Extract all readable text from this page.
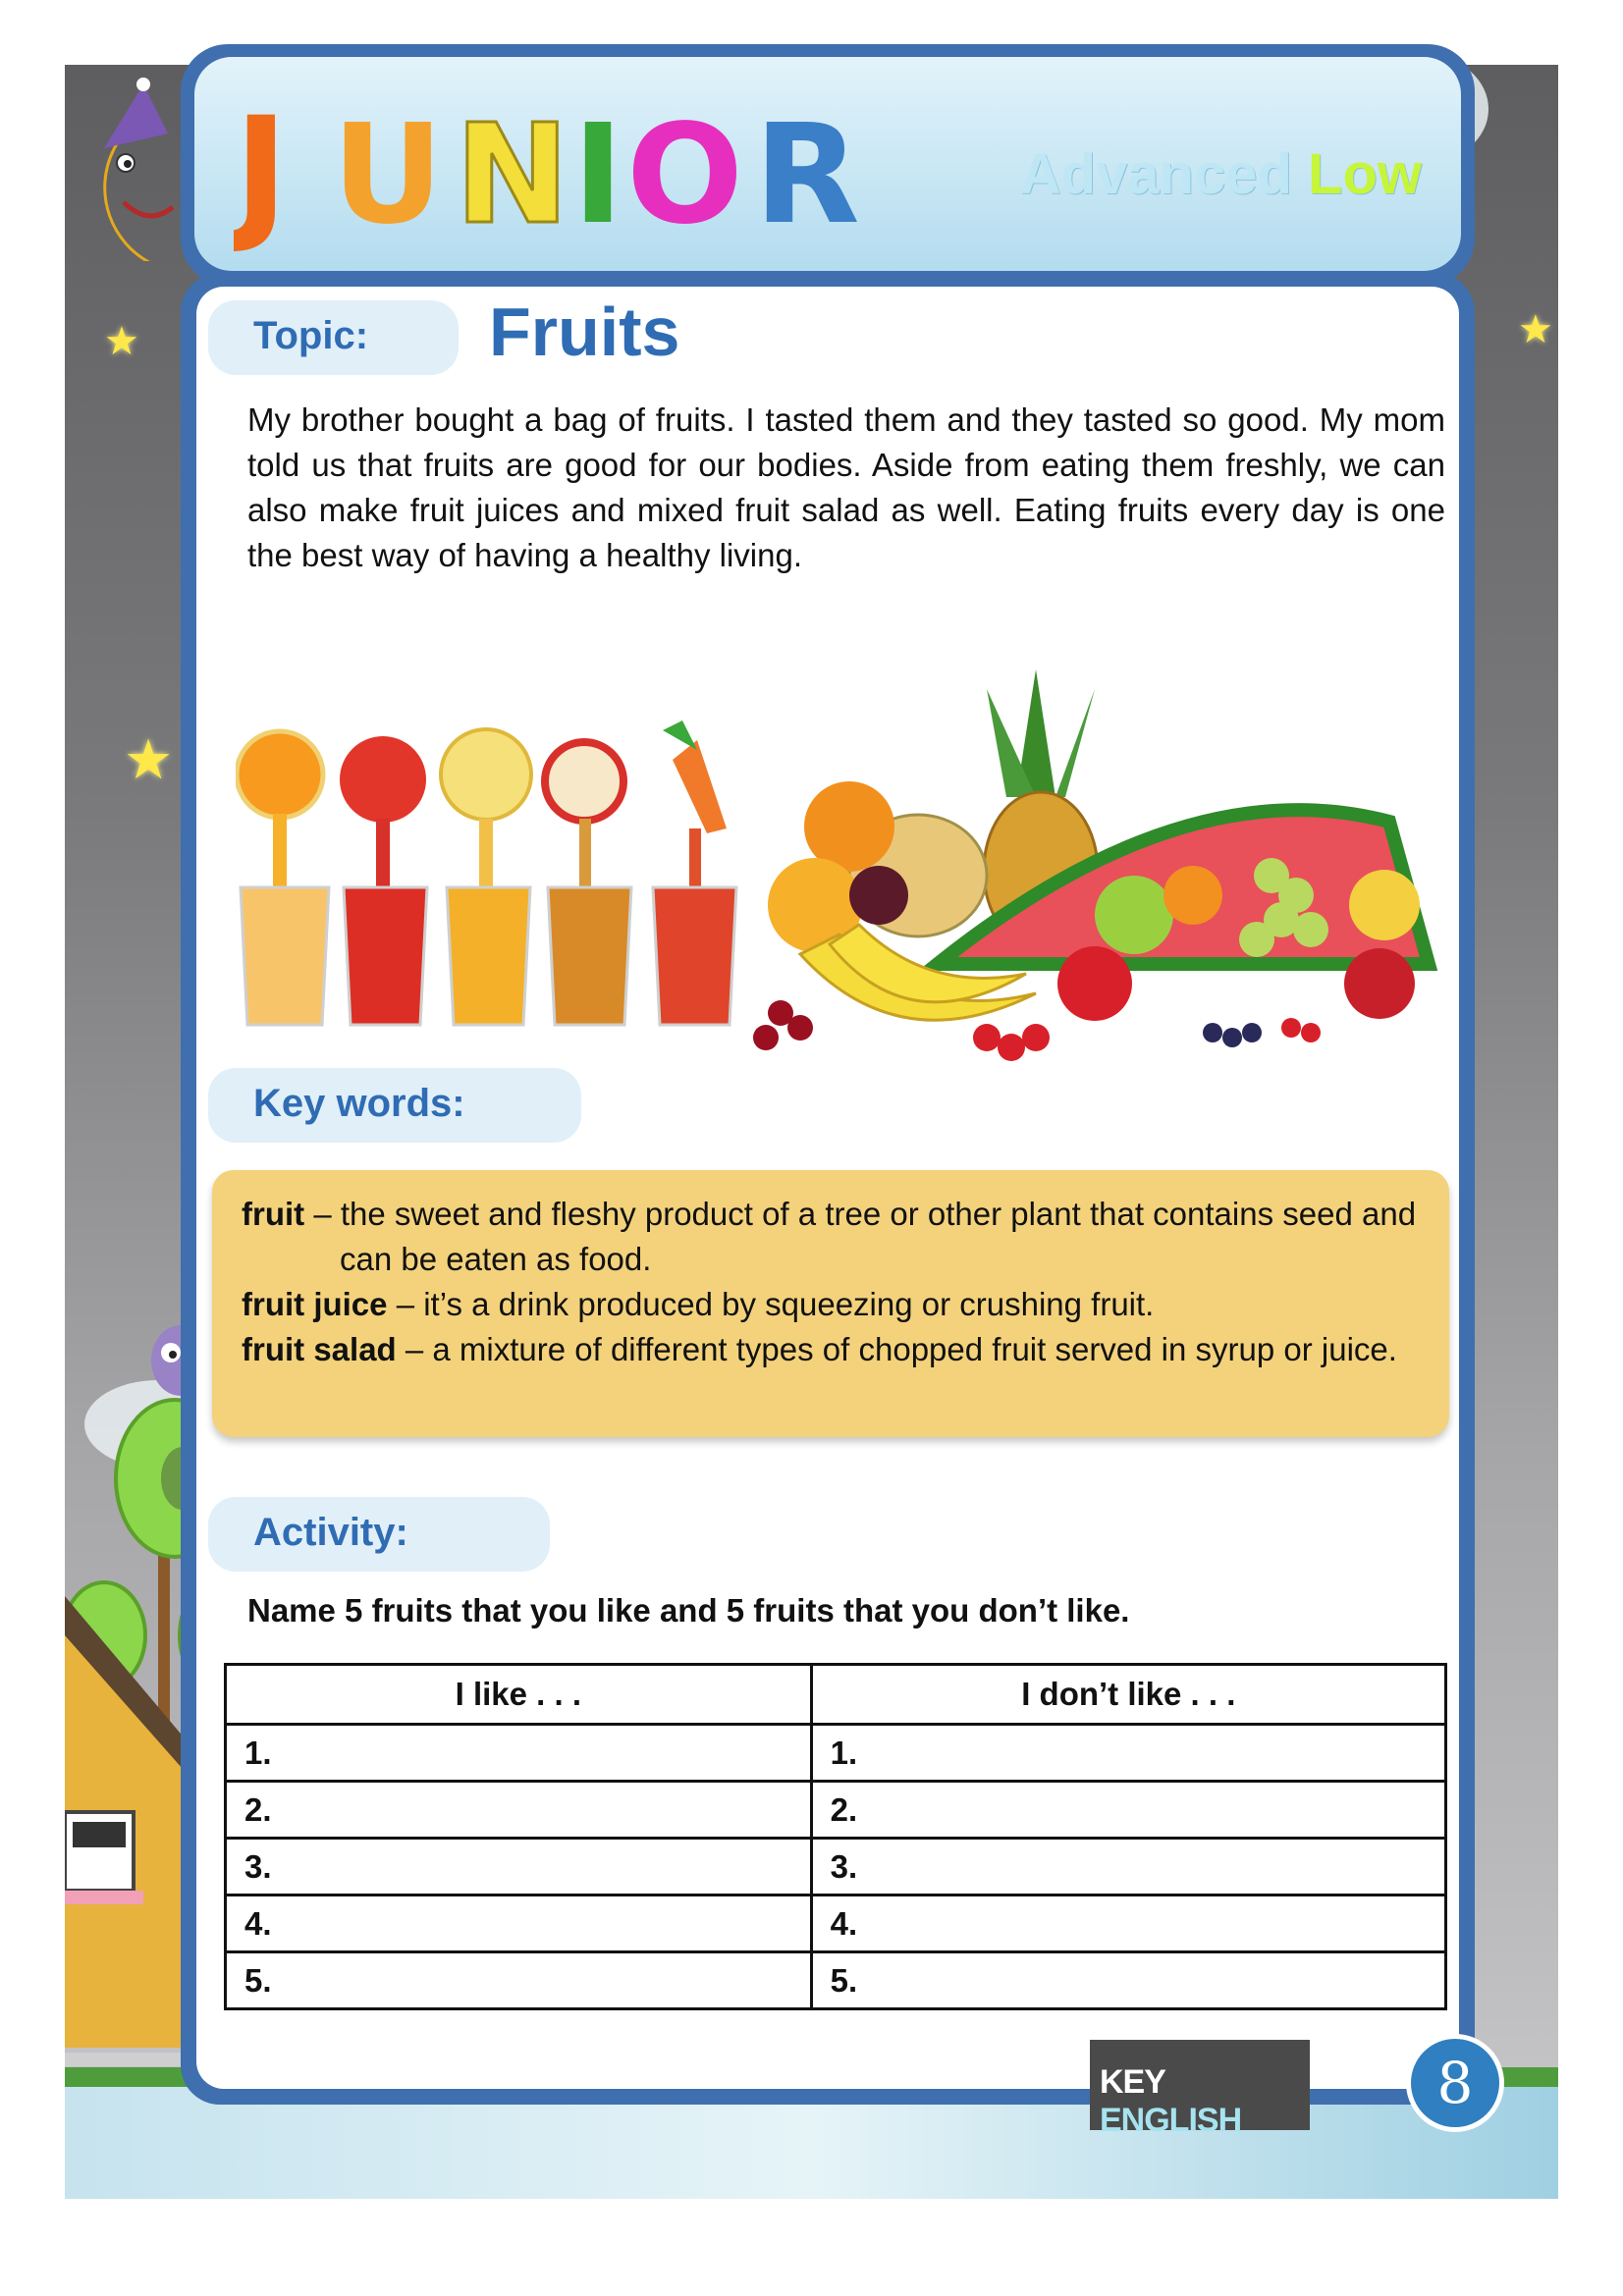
★
★
★
J U N I O R	Advanced Low

Topic:	Fruits

My brother bought a bag of fruits. I tasted them and they tasted so good. My mom told us that fruits are good for our bodies. Aside from eating them freshly, we can also make fruit juices and mixed fruit salad as well. Eating fruits every day is one the best way of having a healthy living.

Key words:

fruit – the sweet and fleshy product of a tree or other plant that contains seed and can be eaten as food.

fruit juice – it’s a drink produced by squeezing or crushing fruit.

fruit salad – a mixture of different types of chopped fruit served in syrup or juice.

Activity:

Name 5 fruits that you like and 5 fruits that you don’t like.

I like . . .	I don’t like . . .
1.	1.
2.	2.
3.	3.
4.	4.
5.	5.

KEY ENGLISH

8
